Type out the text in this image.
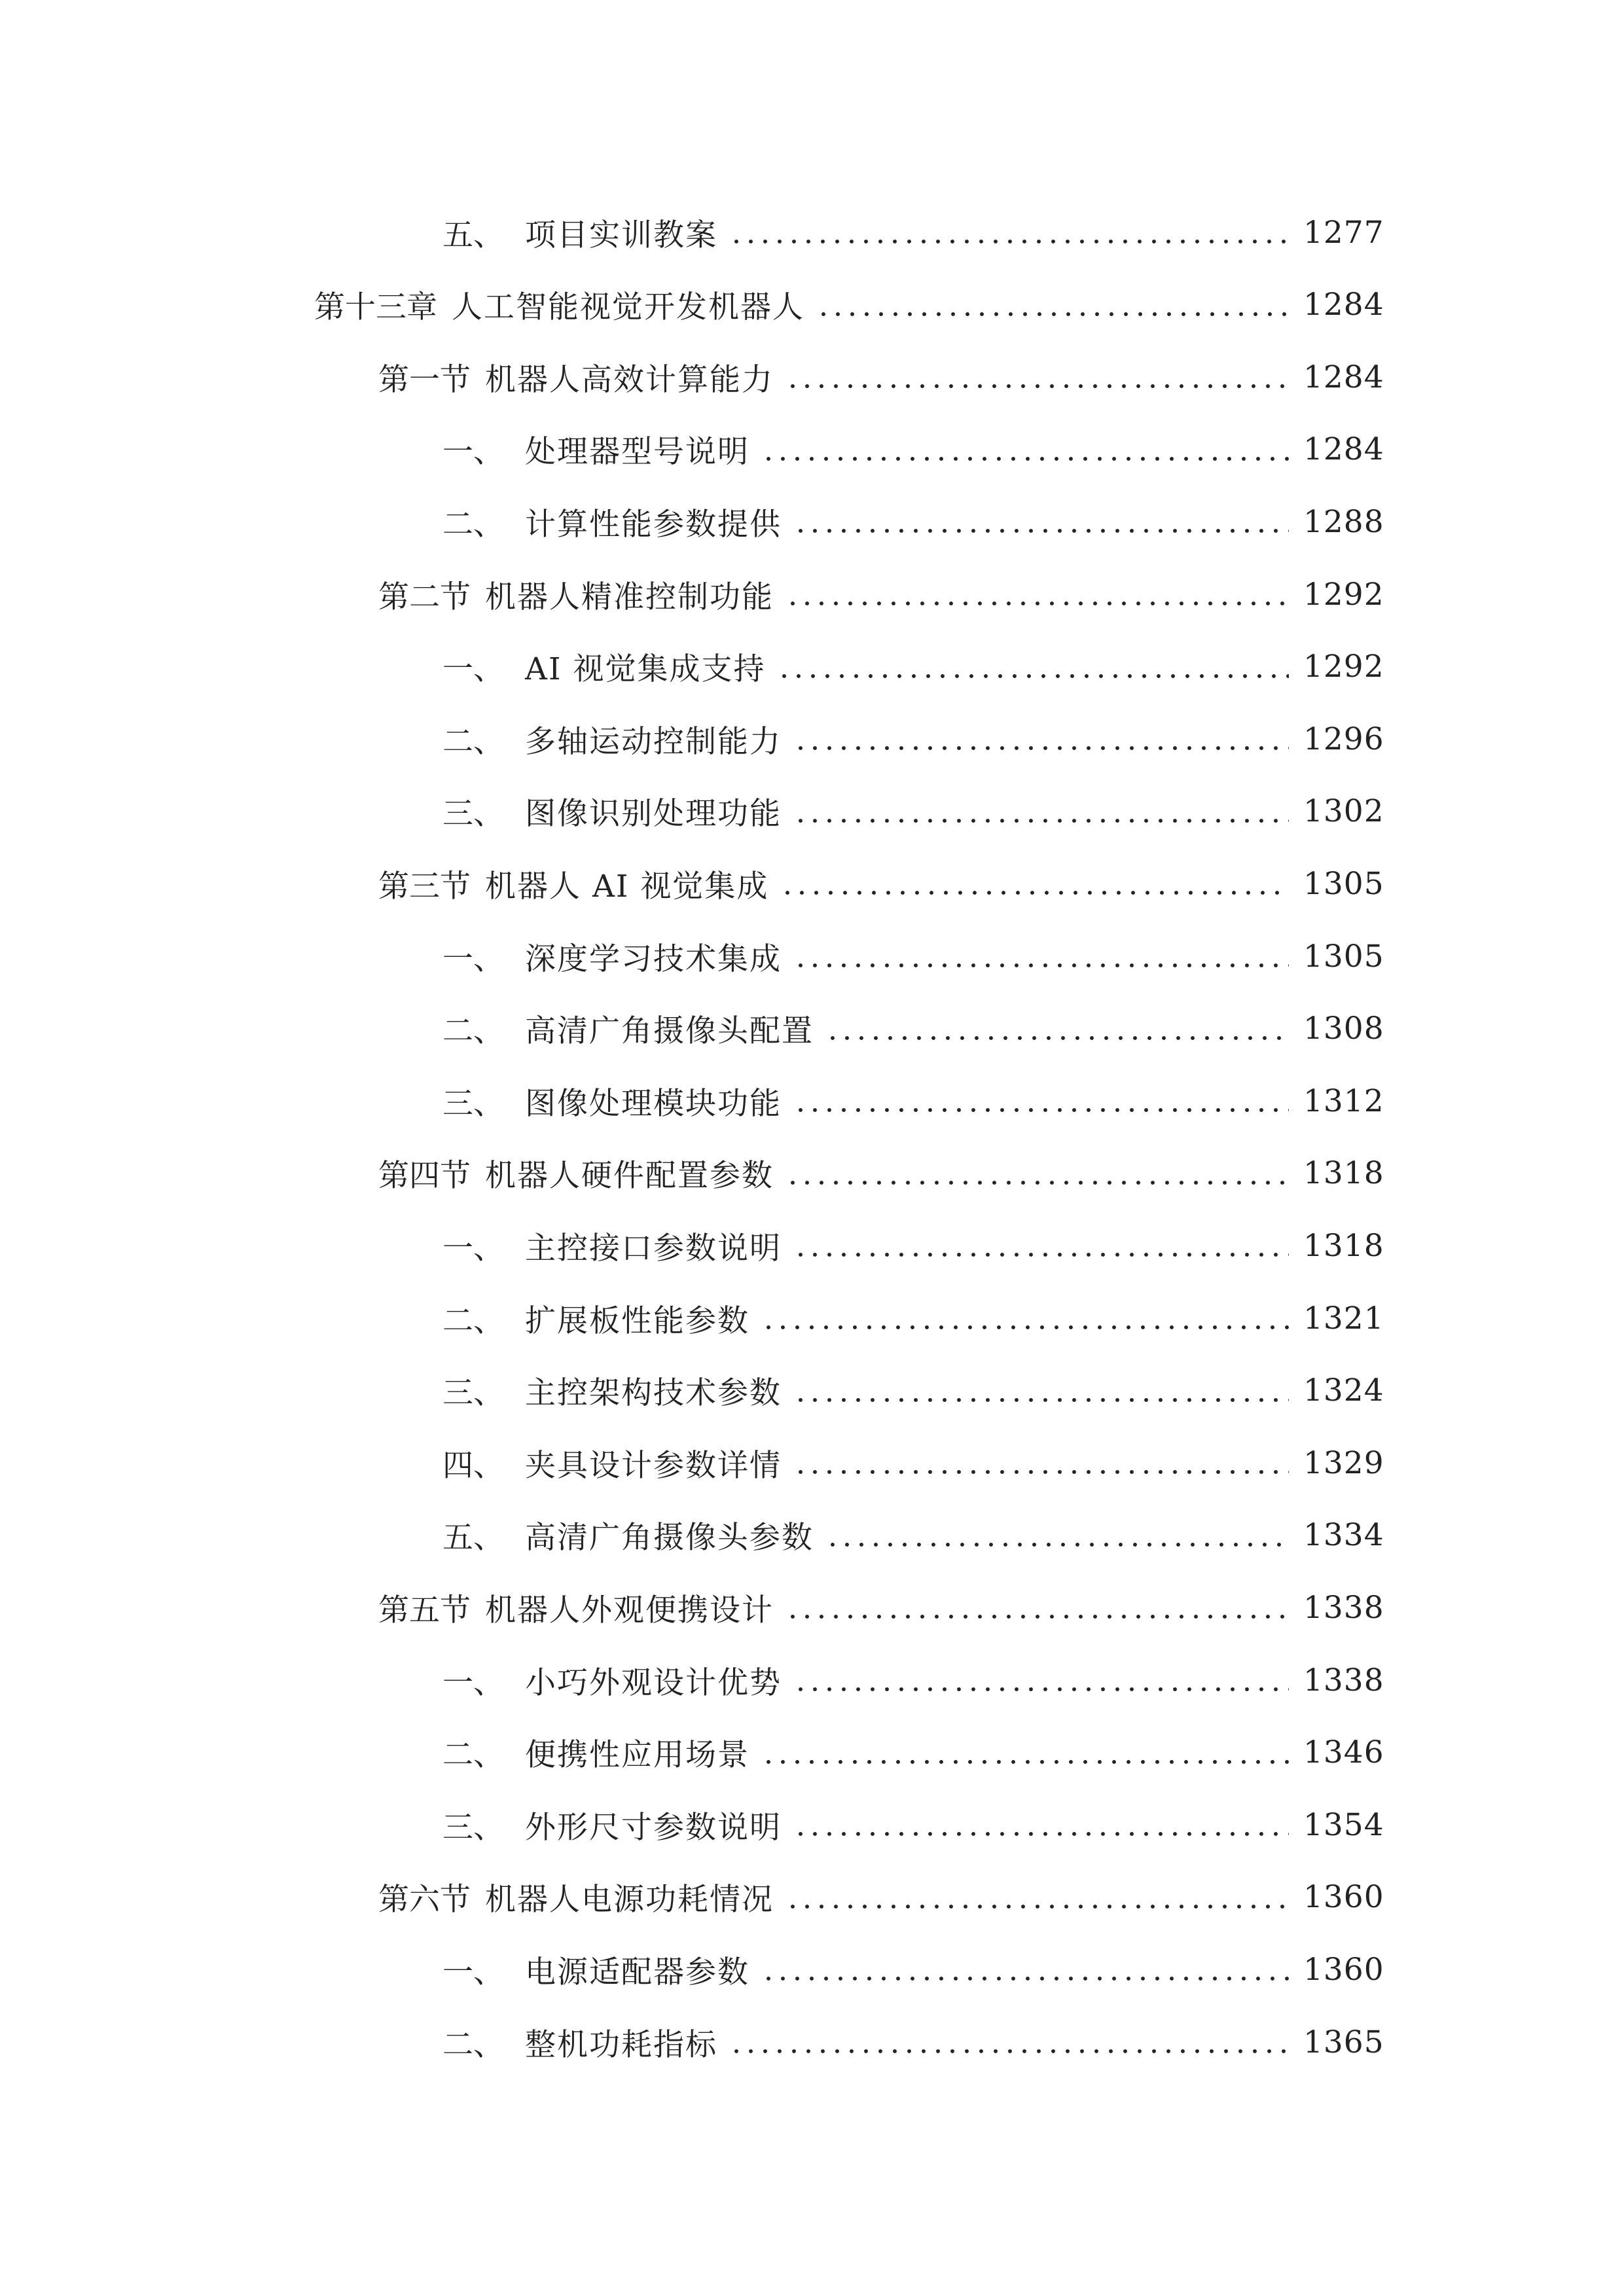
五、 项目实训教案	1277
第十三章 人工智能视觉开发机器人	1284
第一节 机器人高效计算能力	1284
一、 处理器型号说明	1284
二、 计算性能参数提供	1288
第二节 机器人精准控制功能	1292
一、 AI 视觉集成支持	1292
二、 多轴运动控制能力	1296
三、 图像识别处理功能	1302
第三节 机器人 AI 视觉集成	1305
一、 深度学习技术集成	1305
二、 高清广角摄像头配置	1308
三、 图像处理模块功能	1312
第四节 机器人硬件配置参数	1318
一、 主控接口参数说明	1318
二、 扩展板性能参数	1321
三、 主控架构技术参数	1324
四、 夹具设计参数详情	1329
五、 高清广角摄像头参数	1334
第五节 机器人外观便携设计	1338
一、 小巧外观设计优势	1338
二、 便携性应用场景	1346
三、 外形尺寸参数说明	1354
第六节 机器人电源功耗情况	1360
一、 电源适配器参数	1360
二、 整机功耗指标	1365
